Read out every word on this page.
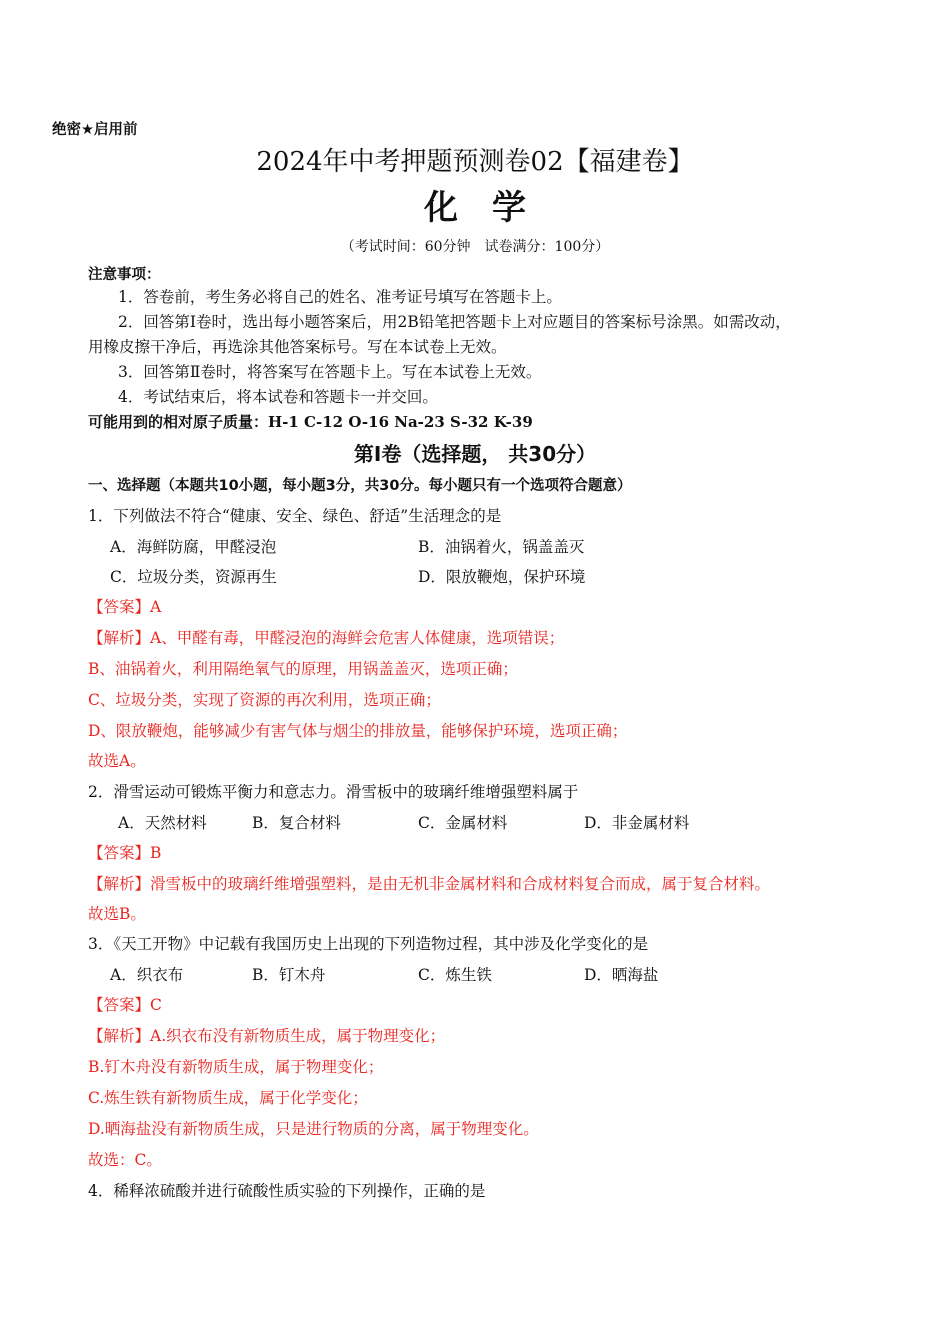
绝密★启用前
2024年中考押题预测卷02【福建卷】
化　学
（考试时间：60分钟　试卷满分：100分）
注意事项：
1．答卷前，考生务必将自己的姓名、准考证号填写在答题卡上。
2．回答第Ⅰ卷时，选出每小题答案后，用2B铅笔把答题卡上对应题目的答案标号涂黑。如需改动，
用橡皮擦干净后，再选涂其他答案标号。写在本试卷上无效。
3．回答第Ⅱ卷时，将答案写在答题卡上。写在本试卷上无效。
4．考试结束后，将本试卷和答题卡一并交回。
可能用到的相对原子质量：H-1 C-12 O-16 Na-23 S-32 K-39
第Ⅰ卷（选择题， 共30分）
一、选择题（本题共10小题，每小题3分，共30分。每小题只有一个选项符合题意）
1．下列做法不符合“健康、安全、绿色、舒适”生活理念的是
A．海鲜防腐，甲醛浸泡	B．油锅着火，锅盖盖灭
C．垃圾分类，资源再生	D．限放鞭炮，保护环境
【答案】A
【解析】A、甲醛有毒，甲醛浸泡的海鲜会危害人体健康，选项错误；
B、油锅着火，利用隔绝氧气的原理，用锅盖盖灭，选项正确；
C、垃圾分类，实现了资源的再次利用，选项正确；
D、限放鞭炮，能够减少有害气体与烟尘的排放量，能够保护环境，选项正确；
故选A。
2．滑雪运动可锻炼平衡力和意志力。滑雪板中的玻璃纤维增强塑料属于
A．天然材料	B．复合材料	C．金属材料	D．非金属材料
【答案】B
【解析】滑雪板中的玻璃纤维增强塑料，是由无机非金属材料和合成材料复合而成，属于复合材料。
故选B。
3．《天工开物》中记载有我国历史上出现的下列造物过程，其中涉及化学变化的是
A．织衣布	B．钉木舟	C．炼生铁	D．晒海盐
【答案】C
【解析】A.织衣布没有新物质生成，属于物理变化；
B.钉木舟没有新物质生成，属于物理变化；
C.炼生铁有新物质生成，属于化学变化；
D.晒海盐没有新物质生成，只是进行物质的分离，属于物理变化。
故选：C。
4．稀释浓硫酸并进行硫酸性质实验的下列操作，正确的是
